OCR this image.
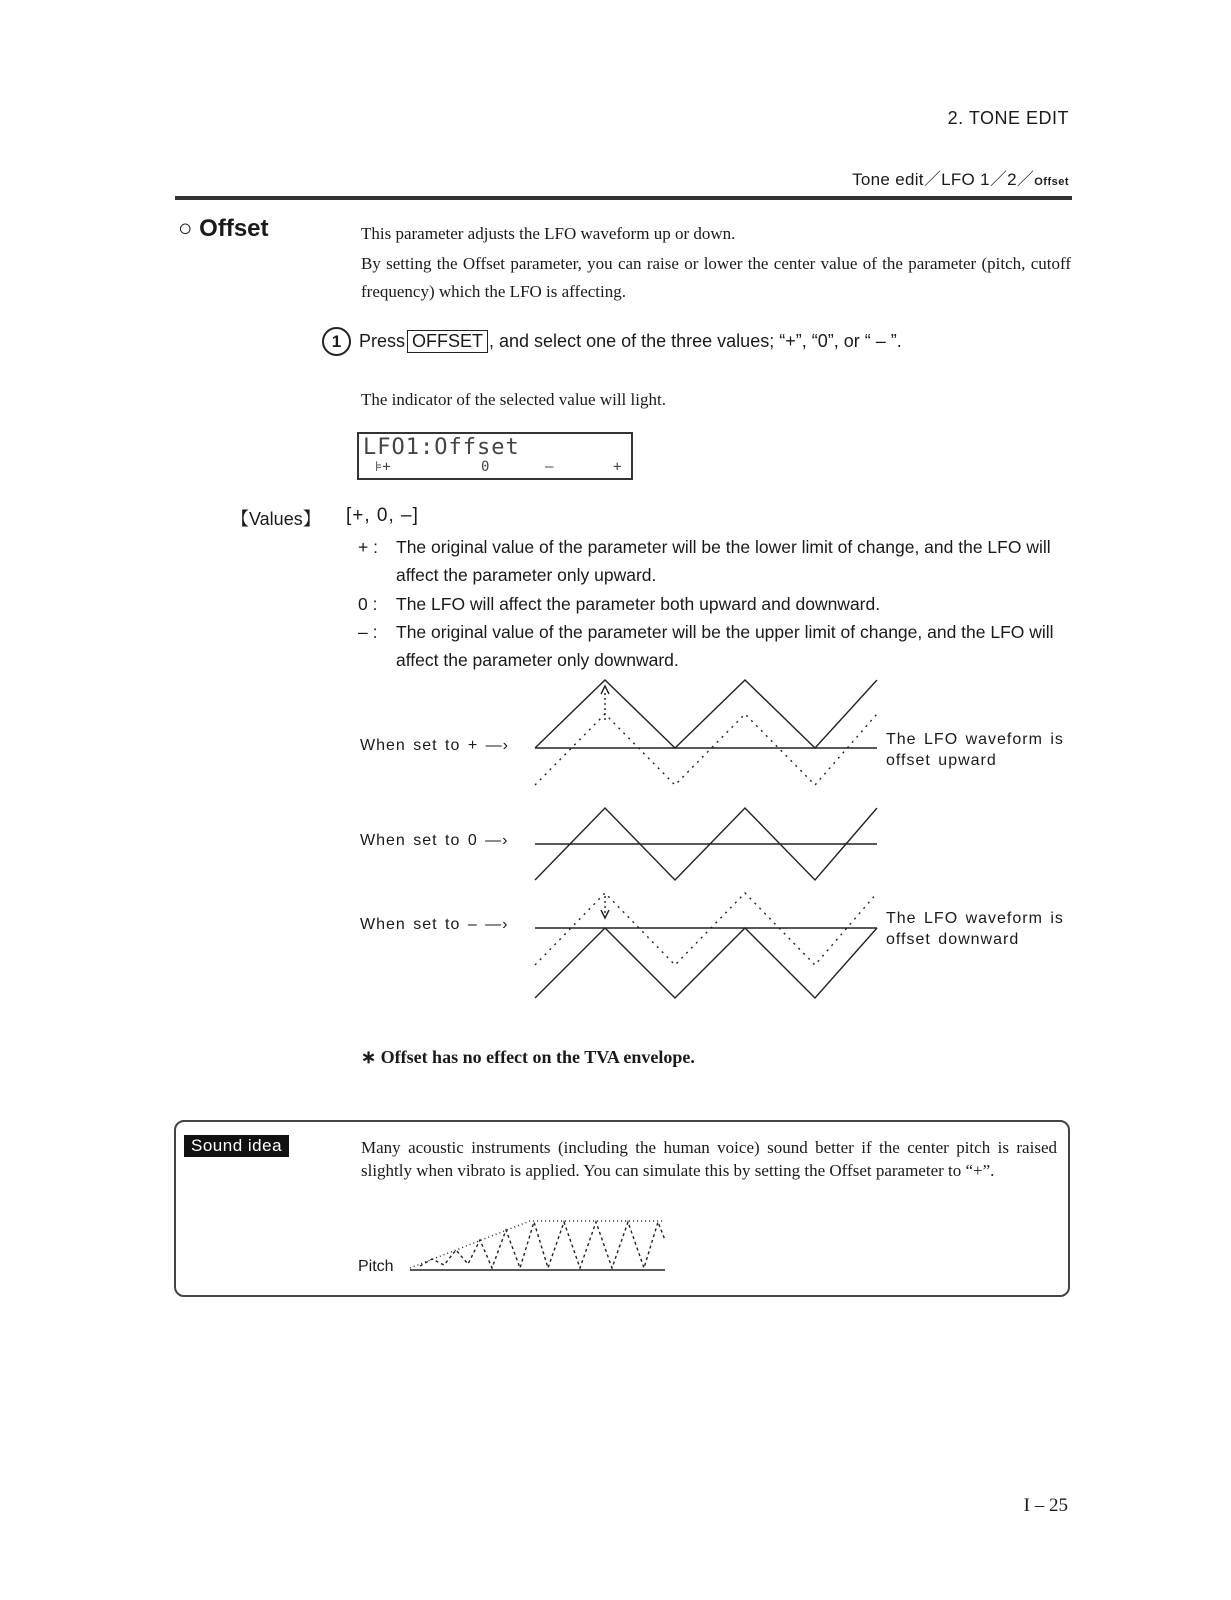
2. TONE EDIT
Tone edit／LFO 1／2／Offset
○ Offset	This parameter adjusts the LFO waveform up or down.
By setting the Offset parameter, you can raise or lower the center value of the parameter (pitch, cutoff frequency) which the LFO is affecting.
1 Press OFFSET , and select one of the three values; “+”, “0”, or “ – ”.
The indicator of the selected value will light.
LFO1:Offset
⊧+	0	—	+
【Values】 [+, 0, –]
+ :	The original value of the parameter will be the lower limit of change, and the LFO will affect the parameter only upward.
0 :	The LFO will affect the parameter both upward and downward.
– :	The original value of the parameter will be the upper limit of change, and the LFO will affect the parameter only downward.
When set to + —›
When set to 0 —›
When set to – —›
The LFO waveform is
offset upward
The LFO waveform is
offset downward
∗ Offset has no effect on the TVA envelope.
Sound idea	Many acoustic instruments (including the human voice) sound better if the center pitch is raised slightly when vibrato is applied. You can simulate this by setting the Offset parameter to “+”.
Pitch
I – 25
